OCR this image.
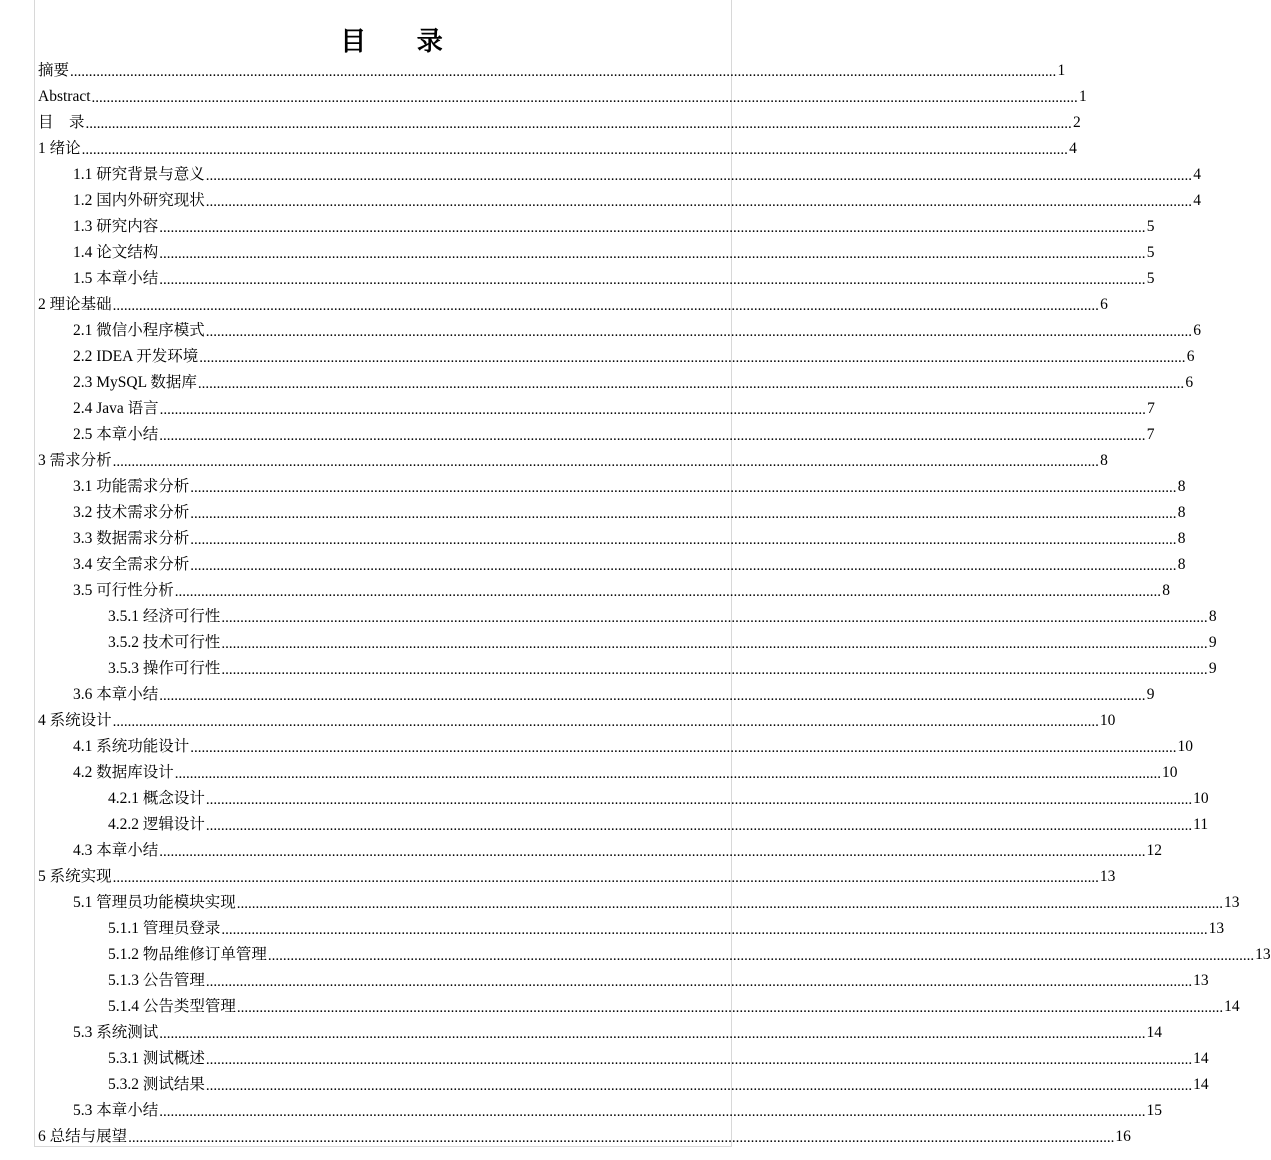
目 录
摘要 ....................................................................................................................................................................................................................................................................... 1
Abstract ....................................................................................................................................................................................................................................................................... 1
目　录 ....................................................................................................................................................................................................................................................................... 2
1 绪论 ....................................................................................................................................................................................................................................................................... 4
1.1 研究背景与意义 ....................................................................................................................................................................................................................................................................... 4
1.2 国内外研究现状 ....................................................................................................................................................................................................................................................................... 4
1.3 研究内容 ....................................................................................................................................................................................................................................................................... 5
1.4 论文结构 ....................................................................................................................................................................................................................................................................... 5
1.5 本章小结 ....................................................................................................................................................................................................................................................................... 5
2 理论基础 ....................................................................................................................................................................................................................................................................... 6
2.1 微信小程序模式 ....................................................................................................................................................................................................................................................................... 6
2.2 IDEA 开发环境 ....................................................................................................................................................................................................................................................................... 6
2.3 MySQL 数据库 ....................................................................................................................................................................................................................................................................... 6
2.4 Java 语言 ....................................................................................................................................................................................................................................................................... 7
2.5 本章小结 ....................................................................................................................................................................................................................................................................... 7
3 需求分析 ....................................................................................................................................................................................................................................................................... 8
3.1 功能需求分析 ....................................................................................................................................................................................................................................................................... 8
3.2 技术需求分析 ....................................................................................................................................................................................................................................................................... 8
3.3 数据需求分析 ....................................................................................................................................................................................................................................................................... 8
3.4 安全需求分析 ....................................................................................................................................................................................................................................................................... 8
3.5 可行性分析 ....................................................................................................................................................................................................................................................................... 8
3.5.1 经济可行性 ....................................................................................................................................................................................................................................................................... 8
3.5.2 技术可行性 ....................................................................................................................................................................................................................................................................... 9
3.5.3 操作可行性 ....................................................................................................................................................................................................................................................................... 9
3.6 本章小结 ....................................................................................................................................................................................................................................................................... 9
4 系统设计 ....................................................................................................................................................................................................................................................................... 10
4.1 系统功能设计 ....................................................................................................................................................................................................................................................................... 10
4.2 数据库设计 ....................................................................................................................................................................................................................................................................... 10
4.2.1 概念设计 ....................................................................................................................................................................................................................................................................... 10
4.2.2 逻辑设计 ....................................................................................................................................................................................................................................................................... 11
4.3 本章小结 ....................................................................................................................................................................................................................................................................... 12
5 系统实现 ....................................................................................................................................................................................................................................................................... 13
5.1 管理员功能模块实现 ....................................................................................................................................................................................................................................................................... 13
5.1.1 管理员登录 ....................................................................................................................................................................................................................................................................... 13
5.1.2 物品维修订单管理 ....................................................................................................................................................................................................................................................................... 13
5.1.3 公告管理 ....................................................................................................................................................................................................................................................................... 13
5.1.4 公告类型管理 ....................................................................................................................................................................................................................................................................... 14
5.3 系统测试 ....................................................................................................................................................................................................................................................................... 14
5.3.1 测试概述 ....................................................................................................................................................................................................................................................................... 14
5.3.2 测试结果 ....................................................................................................................................................................................................................................................................... 14
5.3 本章小结 ....................................................................................................................................................................................................................................................................... 15
6 总结与展望 ....................................................................................................................................................................................................................................................................... 16
